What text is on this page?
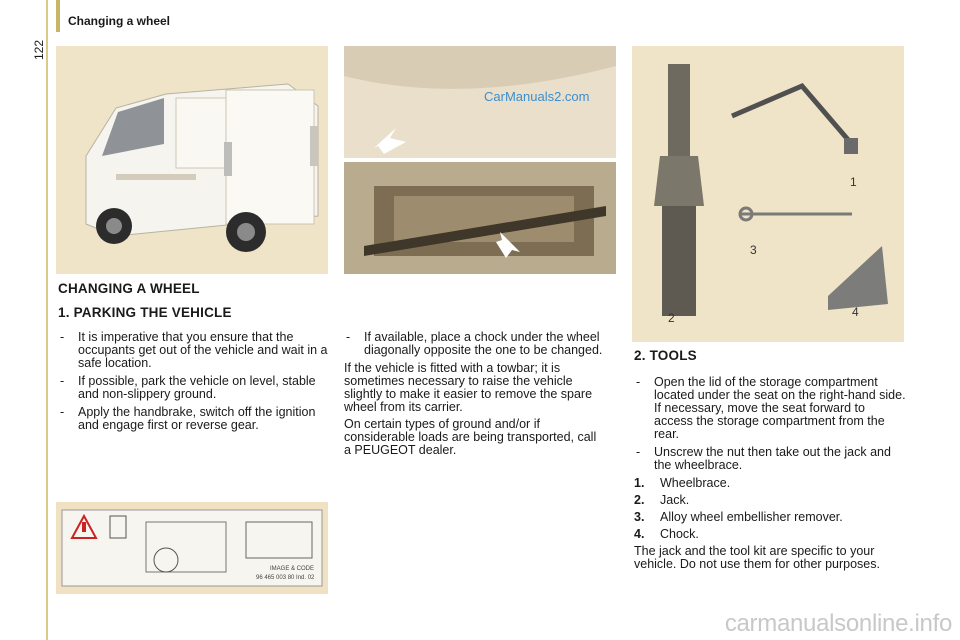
122
Changing a wheel
CarManuals2.com
1
2
3
4
IMAGE & CODE
96 465 003 80 Ind. 02
CHANGING A WHEEL
1. PARKING THE VEHICLE
- It is imperative that you ensure that the occupants get out of the vehicle and wait in a safe location.
- If possible, park the vehicle on level, stable and non-slippery ground.
- Apply the handbrake, switch off the ignition and engage first or reverse gear.
- If available, place a chock under the wheel diagonally opposite the one to be changed.
If the vehicle is fitted with a towbar; it is sometimes necessary to raise the vehicle slightly to make it easier to remove the spare wheel from its carrier.
On certain types of ground and/or if considerable loads are being transported, call a PEUGEOT dealer.
2. TOOLS
- Open the lid of the storage compartment located under the seat on the right-hand side. If necessary, move the seat forward to access the storage compartment from the rear.
- Unscrew the nut then take out the jack and the wheelbrace.
1. Wheelbrace.
2. Jack.
3. Alloy wheel embellisher remover.
4. Chock.
The jack and the tool kit are specific to your vehicle. Do not use them for other purposes.
carmanualsonline.info
